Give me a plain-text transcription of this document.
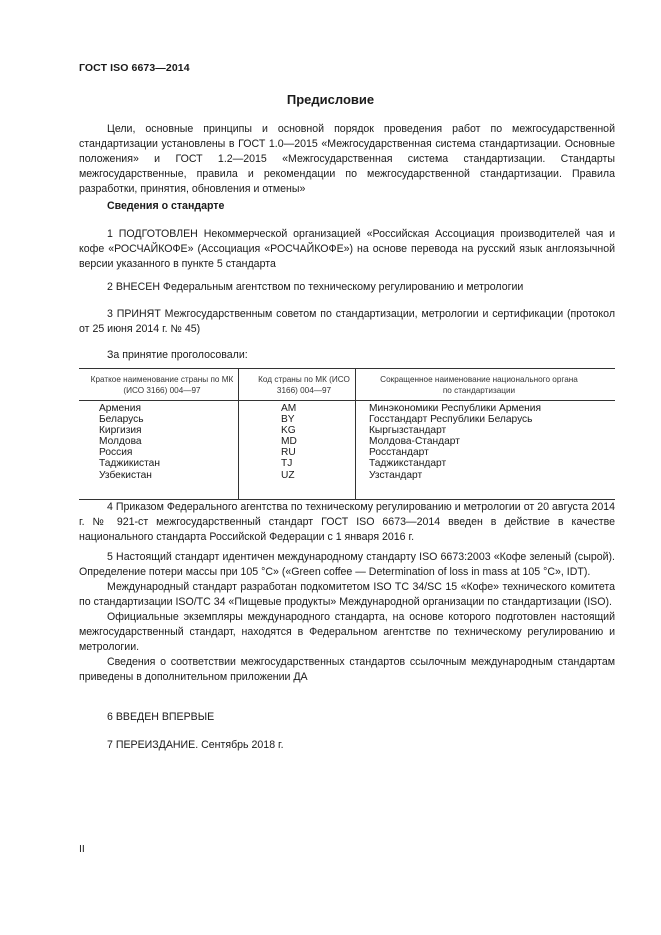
ГОСТ ISO 6673—2014
Предисловие

Цели, основные принципы и основной порядок проведения работ по межгосударственной стандартизации установлены в ГОСТ 1.0—2015 «Межгосударственная система стандартизации. Основные положения» и ГОСТ 1.2—2015 «Межгосударственная система стандартизации. Стандарты межгосударственные, правила и рекомендации по межгосударственной стандартизации. Правила разработки, принятия, обновления и отмены»

Сведения о стандарте

1 ПОДГОТОВЛЕН Некоммерческой организацией «Российская Ассоциация производителей чая и кофе «РОСЧАЙКОФЕ» (Ассоциация «РОСЧАЙКОФЕ») на основе перевода на русский язык англоязычной версии указанного в пункте 5 стандарта

2 ВНЕСЕН Федеральным агентством по техническому регулированию и метрологии

3 ПРИНЯТ Межгосударственным советом по стандартизации, метрологии и сертификации (протокол от 25 июня 2014 г. № 45)

За принятие проголосовали:

Краткое наименование страны по МК (ИСО 3166) 004—97
Код страны по МК (ИСО 3166) 004—97
Сокращенное наименование национального органа по стандартизации
Армения
Беларусь
Киргизия
Молдова
Россия
Таджикистан
Узбекистан
AM
BY
KG
MD
RU
TJ
UZ
Минэкономики Республики Армения
Госстандарт Республики Беларусь
Кыргызстандарт
Молдова-Стандарт
Росстандарт
Таджикстандарт
Узстандарт

4 Приказом Федерального агентства по техническому регулированию и метрологии от 20 августа 2014 г. № 921-ст межгосударственный стандарт ГОСТ ISO 6673—2014 введен в действие в качестве национального стандарта Российской Федерации с 1 января 2016 г.

5 Настоящий стандарт идентичен международному стандарту ISO 6673:2003 «Кофе зеленый (сырой). Определение потери массы при 105 °С» («Green coffee — Determination of loss in mass at 105 °C», IDT).

Международный стандарт разработан подкомитетом ISO TC 34/SC 15 «Кофе» технического комитета по стандартизации ISO/TC 34 «Пищевые продукты» Международной организации по стандартизации (ISO).

Официальные экземпляры международного стандарта, на основе которого подготовлен настоящий межгосударственный стандарт, находятся в Федеральном агентстве по техническому регулированию и метрологии.

Сведения о соответствии межгосударственных стандартов ссылочным международным стандартам приведены в дополнительном приложении ДА

6 ВВЕДЕН ВПЕРВЫЕ

7 ПЕРЕИЗДАНИЕ. Сентябрь 2018 г.

II
